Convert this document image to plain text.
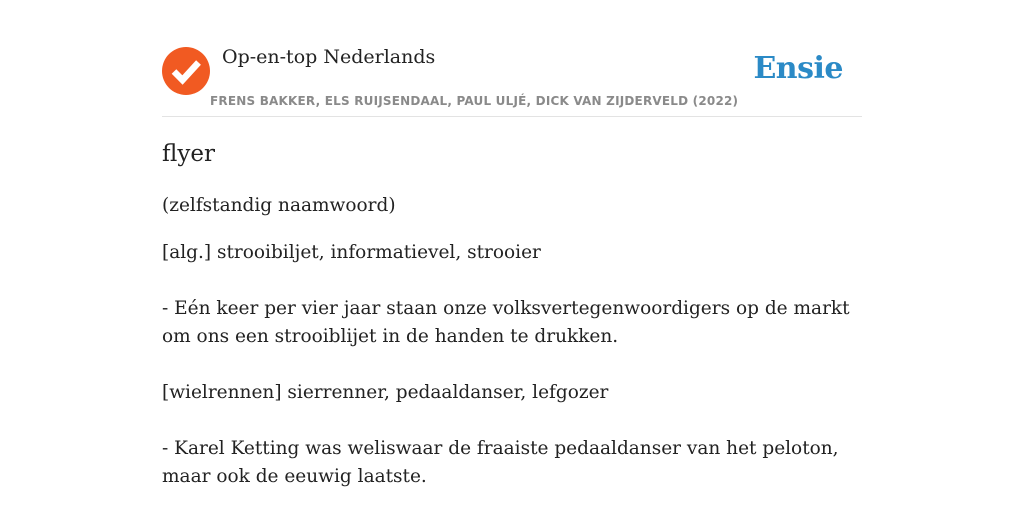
Op-en-top Nederlands
FRENS BAKKER, ELS RUIJSENDAAL, PAUL ULJÉ, DICK VAN ZIJDERVELD (2022)
Ensie
flyer

(zelfstandig naamwoord)

[alg.] strooibiljet, informatievel, strooier

- Eén keer per vier jaar staan onze volksvertegenwoordigers op de markt om ons een strooiblijet in de handen te drukken.

[wielrennen] sierrenner, pedaaldanser, lefgozer

- Karel Ketting was weliswaar de fraaiste pedaaldanser van het peloton, maar ook de eeuwig laatste.
